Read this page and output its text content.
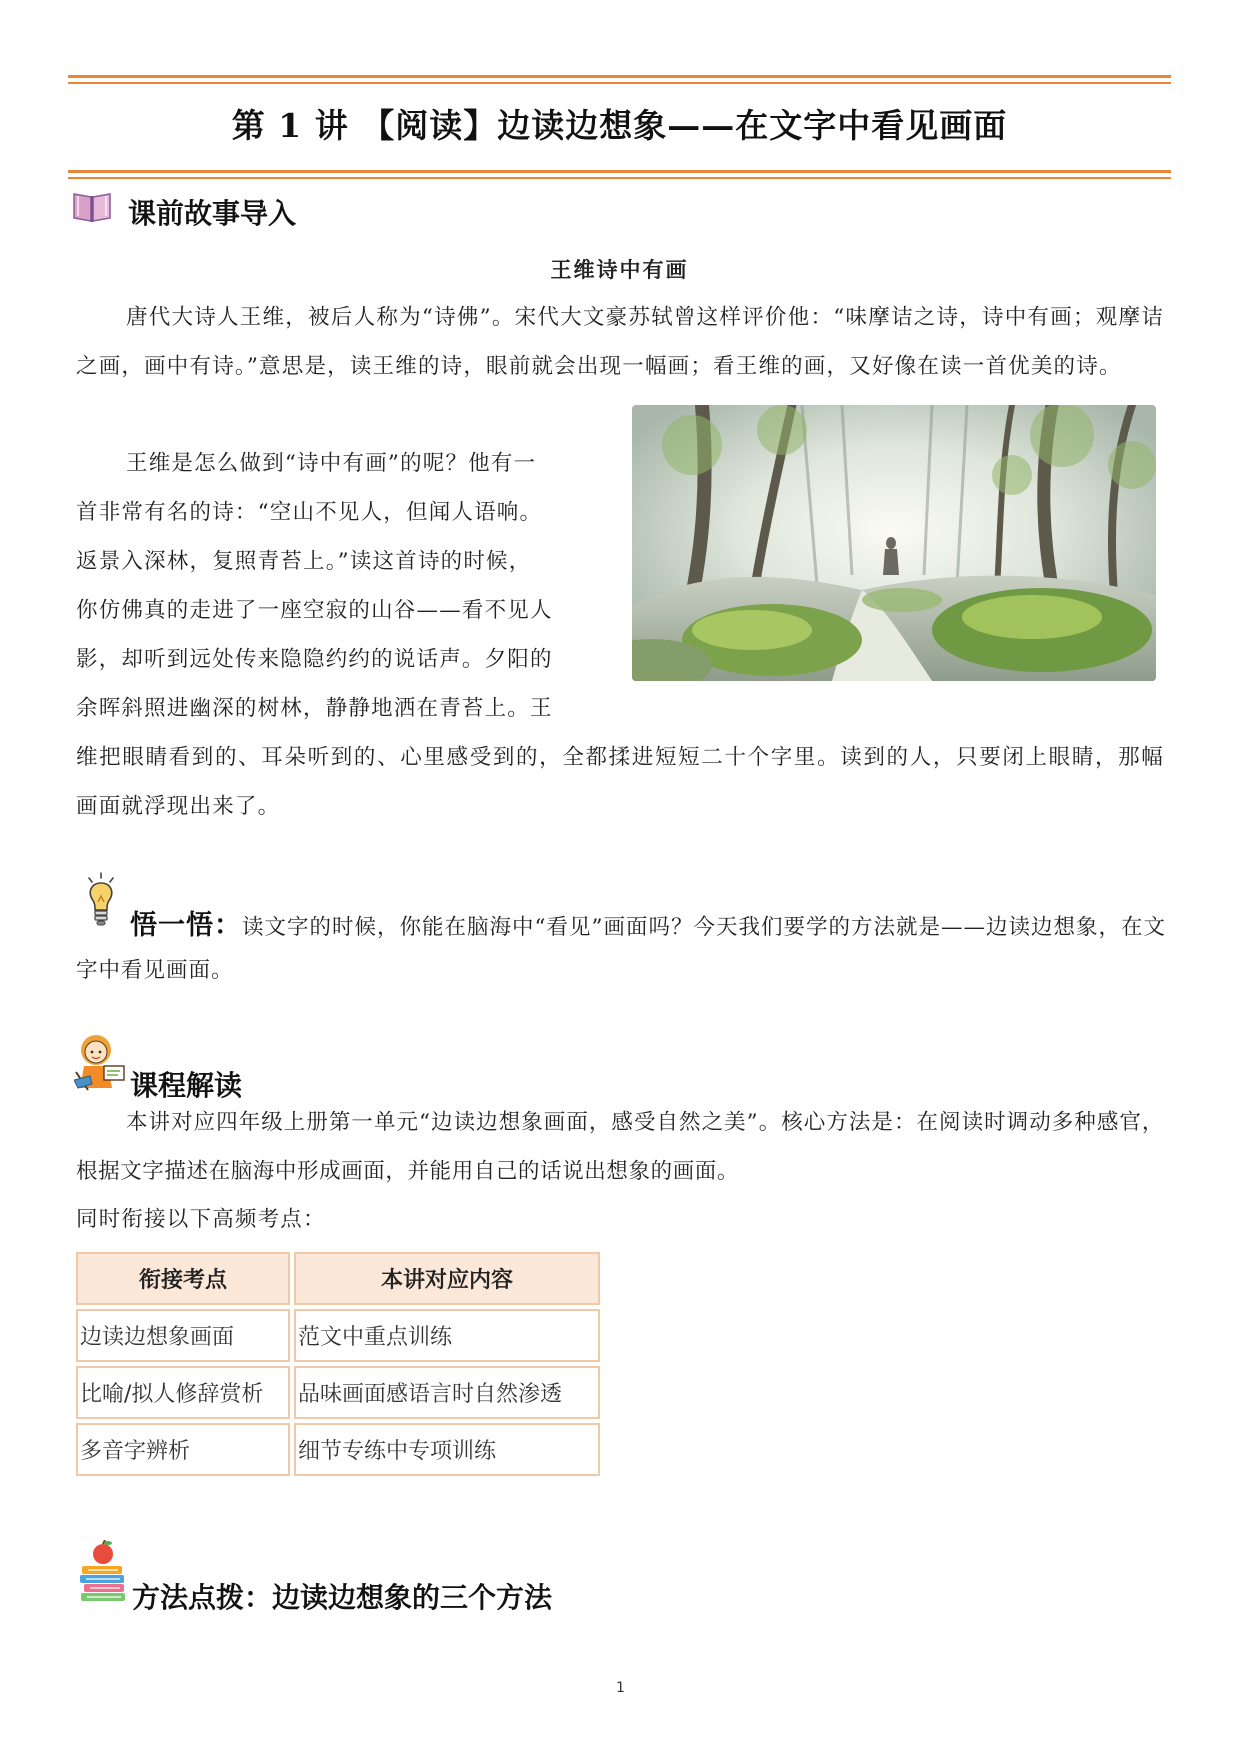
第 1 讲 【阅读】边读边想象——在文字中看见画面
课前故事导入
王维诗中有画

唐代大诗人王维，被后人称为“诗佛”。宋代大文豪苏轼曾这样评价他：“味摩诘之诗，诗中有画；观摩诘之画，画中有诗。”意思是，读王维的诗，眼前就会出现一幅画；看王维的画，又好像在读一首优美的诗。

王维是怎么做到“诗中有画”的呢？他有一
首非常有名的诗：“空山不见人，但闻人语响。
返景入深林，复照青苔上。”读这首诗的时候，
你仿佛真的走进了一座空寂的山谷——看不见人
影，却听到远处传来隐隐约约的说话声。夕阳的
余晖斜照进幽深的树林，静静地洒在青苔上。王

维把眼睛看到的、耳朵听到的、心里感受到的，全都揉进短短二十个字里。读到的人，只要闭上眼睛，那幅画面就浮现出来了。

悟一悟：读文字的时候，你能在脑海中“看见”画面吗？今天我们要学的方法就是——边读边想象，在文字中看见画面。
课程解读

本讲对应四年级上册第一单元“边读边想象画面，感受自然之美”。核心方法是：在阅读时调动多种感官，根据文字描述在脑海中形成画面，并能用自己的话说出想象的画面。

同时衔接以下高频考点：
衔接考点	本讲对应内容
边读边想象画面	范文中重点训练
比喻/拟人修辞赏析	品味画面感语言时自然渗透
多音字辨析	细节专练中专项训练
方法点拨：边读边想象的三个方法
1
